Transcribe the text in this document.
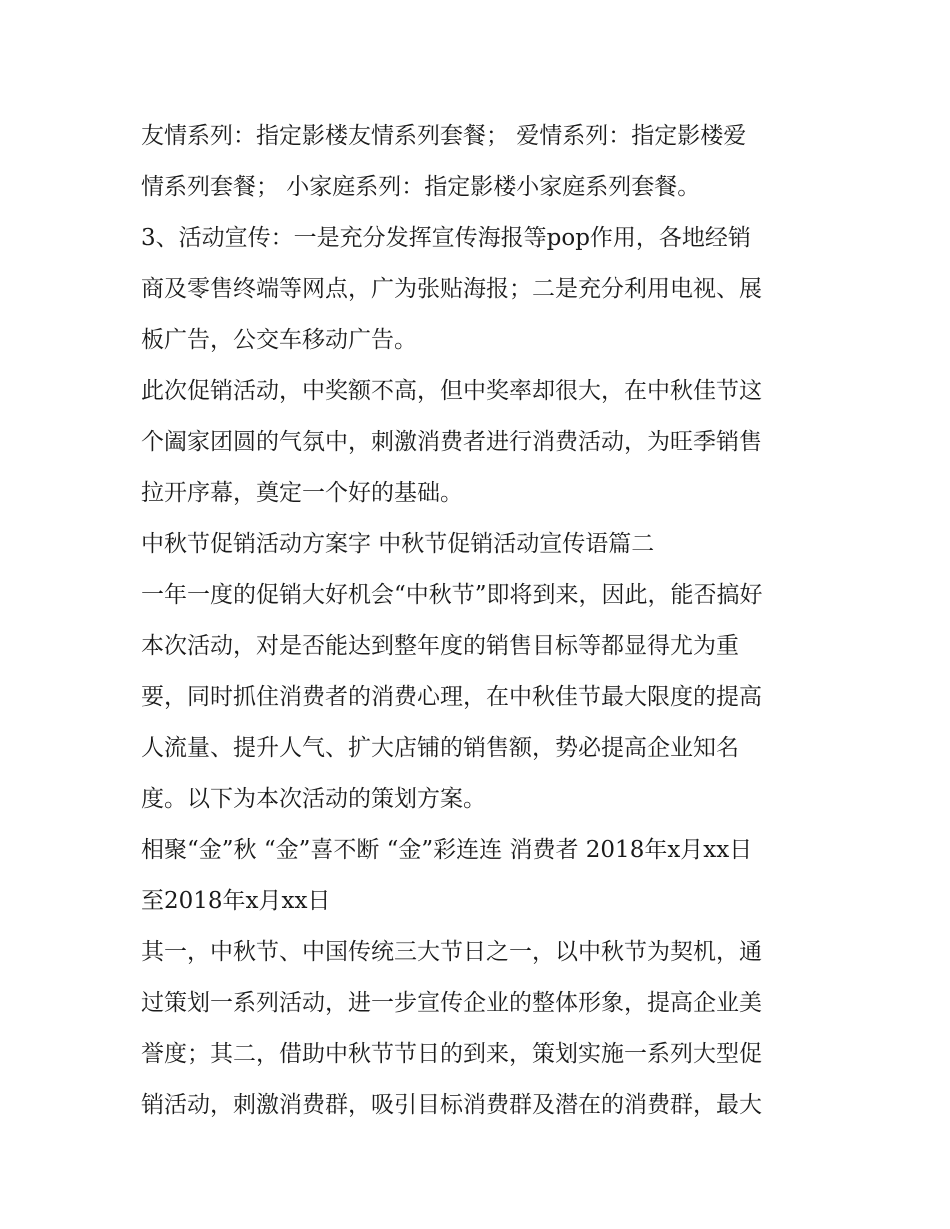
友情系列：指定影楼友情系列套餐； 爱情系列：指定影楼爱
情系列套餐； 小家庭系列：指定影楼小家庭系列套餐。
3、活动宣传：一是充分发挥宣传海报等pop作用，各地经销
商及零售终端等网点，广为张贴海报；二是充分利用电视、展
板广告，公交车移动广告。
此次促销活动，中奖额不高，但中奖率却很大，在中秋佳节这
个阖家团圆的气氛中，刺激消费者进行消费活动，为旺季销售
拉开序幕，奠定一个好的基础。
中秋节促销活动方案字 中秋节促销活动宣传语篇二
一年一度的促销大好机会“中秋节”即将到来，因此，能否搞好
本次活动，对是否能达到整年度的销售目标等都显得尤为重
要，同时抓住消费者的消费心理，在中秋佳节最大限度的提高
人流量、提升人气、扩大店铺的销售额，势必提高企业知名
度。以下为本次活动的策划方案。
相聚“金”秋 “金”喜不断 “金”彩连连 消费者 2018年x月xx日
至2018年x月xx日
其一，中秋节、中国传统三大节日之一，以中秋节为契机，通
过策划一系列活动，进一步宣传企业的整体形象，提高企业美
誉度；其二，借助中秋节节日的到来，策划实施一系列大型促
销活动，刺激消费群，吸引目标消费群及潜在的消费群，最大
